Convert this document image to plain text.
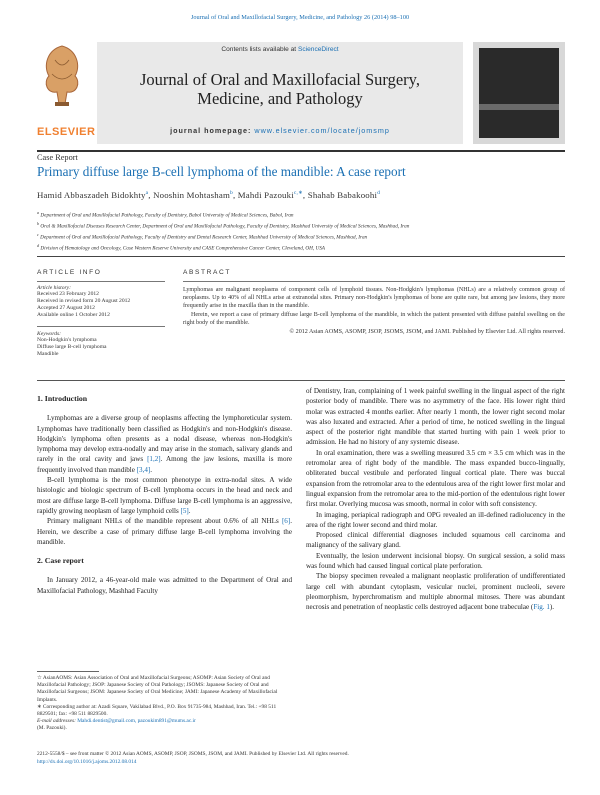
Journal of Oral and Maxillofacial Surgery, Medicine, and Pathology 26 (2014) 98–100
ELSEVIER
Contents lists available at ScienceDirect
Journal of Oral and Maxillofacial Surgery,
Medicine, and Pathology
journal homepage: www.elsevier.com/locate/jomsmp
Case Report
Primary diffuse large B-cell lymphoma of the mandible: A case report
Hamid Abbaszadeh Bidokhty$^a$, Nooshin Mohtasham$^b$, Mahdi Pazouki$^{c,∗}$, Shahab Babakoohi$^d$
$^a$ Department of Oral and Maxillofacial Pathology, Faculty of Dentistry, Babol University of Medical Sciences, Babol, Iran
$^b$ Oral & Maxillofacial Diseases Research Center, Department of Oral and Maxillofacial Pathology, Faculty of Dentistry, Mashhad University of Medical Sciences, Mashhad, Iran
$^c$ Department of Oral and Maxillofacial Pathology, Faculty of Dentistry and Dental Research Center, Mashhad University of Medical Sciences, Mashhad, Iran
$^d$ Division of Hematology and Oncology, Case Western Reserve University and CASE Comprehensive Cancer Center, Cleveland, OH, USA
ARTICLE INFO
Article history:
Received 23 February 2012
Received in revised form 20 August 2012
Accepted 27 August 2012
Available online 1 October 2012
Keywords:
Non-Hodgkin's lymphoma
Diffuse large B-cell lymphoma
Mandible
ABSTRACT

Lymphomas are malignant neoplasms of component cells of lymphoid tissues. Non-Hodgkin's lymphomas (NHLs) are a relatively common group of neoplasms. Up to 40% of all NHLs arise at extranodal sites. Primary non-Hodgkin's lymphomas of bone are quite rare, but among jaw lesions, they more frequently arise in the maxilla than in the mandible.

Herein, we report a case of primary diffuse large B-cell lymphoma of the mandible, in which the patient presented with diffuse painful swelling on the right body of the mandible.

© 2012 Asian AOMS, ASOMP, JSOP, JSOMS, JSOM, and JAMI. Published by Elsevier Ltd. All rights reserved.

1. Introduction

Lymphomas are a diverse group of neoplasms affecting the lymphoreticular system. Lymphomas have traditionally been classified as Hodgkin's and non-Hodgkin's disease. Hodgkin's lymphoma often presents as a nodal disease, whereas non-Hodgkin's lymphoma may develop extra-nodally and may arise in the stomach, salivary glands and rarely in the oral cavity and jaws [1,2]. Among the jaw lesions, maxilla is more frequently involved than mandible [3,4].

B-cell lymphoma is the most common phenotype in extra-nodal sites. A wide histologic and biologic spectrum of B-cell lymphoma occurs in the head and neck and most are diffuse large B-cell lymphoma. Diffuse large B-cell lymphoma is an aggressive, rapidly growing neoplasm of large lymphoid cells [5].

Primary malignant NHLs of the mandible represent about 0.6% of all NHLs [6]. Herein, we describe a case of primary diffuse large B-cell lymphoma involving the mandible.

2. Case report

In January 2012, a 46-year-old male was admitted to the Department of Oral and Maxillofacial Pathology, Mashhad Faculty

of Dentistry, Iran, complaining of 1 week painful swelling in the lingual aspect of the right posterior body of mandible. There was no asymmetry of the face. His lower right third molar was extracted 4 months earlier. After nearly 1 month, the lower right second molar was also luxated and extracted. After a period of time, he noticed swelling in the lingual aspect of the posterior right mandible that started hurting with pain 1 week prior to admission. He had no history of any systemic disease.

In oral examination, there was a swelling measured 3.5 cm × 3.5 cm which was in the retromolar area of right body of the mandible. The mass expanded bucco-lingually, obliterated buccal vestibule and perforated lingual cortical plate. There was buccal expansion from the retromolar area to the edentulous area of the right lower first molar and lingual expansion from the retromolar area to the mid-portion of the edentulous right lower first molar. Overlying mucosa was smooth, normal in color with soft consistency.

In imaging, periapical radiograph and OPG revealed an ill-defined radiolucency in the area of the right lower second and third molar.

Proposed clinical differential diagnoses included squamous cell carcinoma and malignancy of the salivary gland.

Eventually, the lesion underwent incisional biopsy. On surgical session, a solid mass was found which had caused lingual cortical plate perforation.

The biopsy specimen revealed a malignant neoplastic proliferation of undifferentiated large cell with abundant cytoplasm, vesicular nuclei, prominent nucleoli, severe pleomorphism, hyperchromatism and multiple abnormal mitoses. There was abundant necrosis and penetration of neoplastic cells destroyed adjacent bone trabeculae (Fig. 1).

☆ AsianAOMS: Asian Association of Oral and Maxillofacial Surgeons; ASOMP: Asian Society of Oral and Maxillofacial Pathology; JSOP: Japanese Society of Oral Pathology; JSOMS: Japanese Society of Oral and Maxillofacial Surgeons; JSOM: Japanese Society of Oral Medicine; JAMI: Japanese Academy of Maxillofacial Implants.

∗ Corresponding author at: Azadi Square, Vakilabad Blvd., P.O. Box 91735-984, Mashhad, Iran. Tel.: +98 511 8829501; fax: +98 511 8829500.

E-mail addresses: Mahdi.dentist@gmail.com, pazoukim891@mums.ac.ir

(M. Pazouki).

2212-5558/$ – see front matter © 2012 Asian AOMS, ASOMP, JSOP, JSOMS, JSOM, and JAMI. Published by Elsevier Ltd. All rights reserved.
http://dx.doi.org/10.1016/j.ajoms.2012.08.014
